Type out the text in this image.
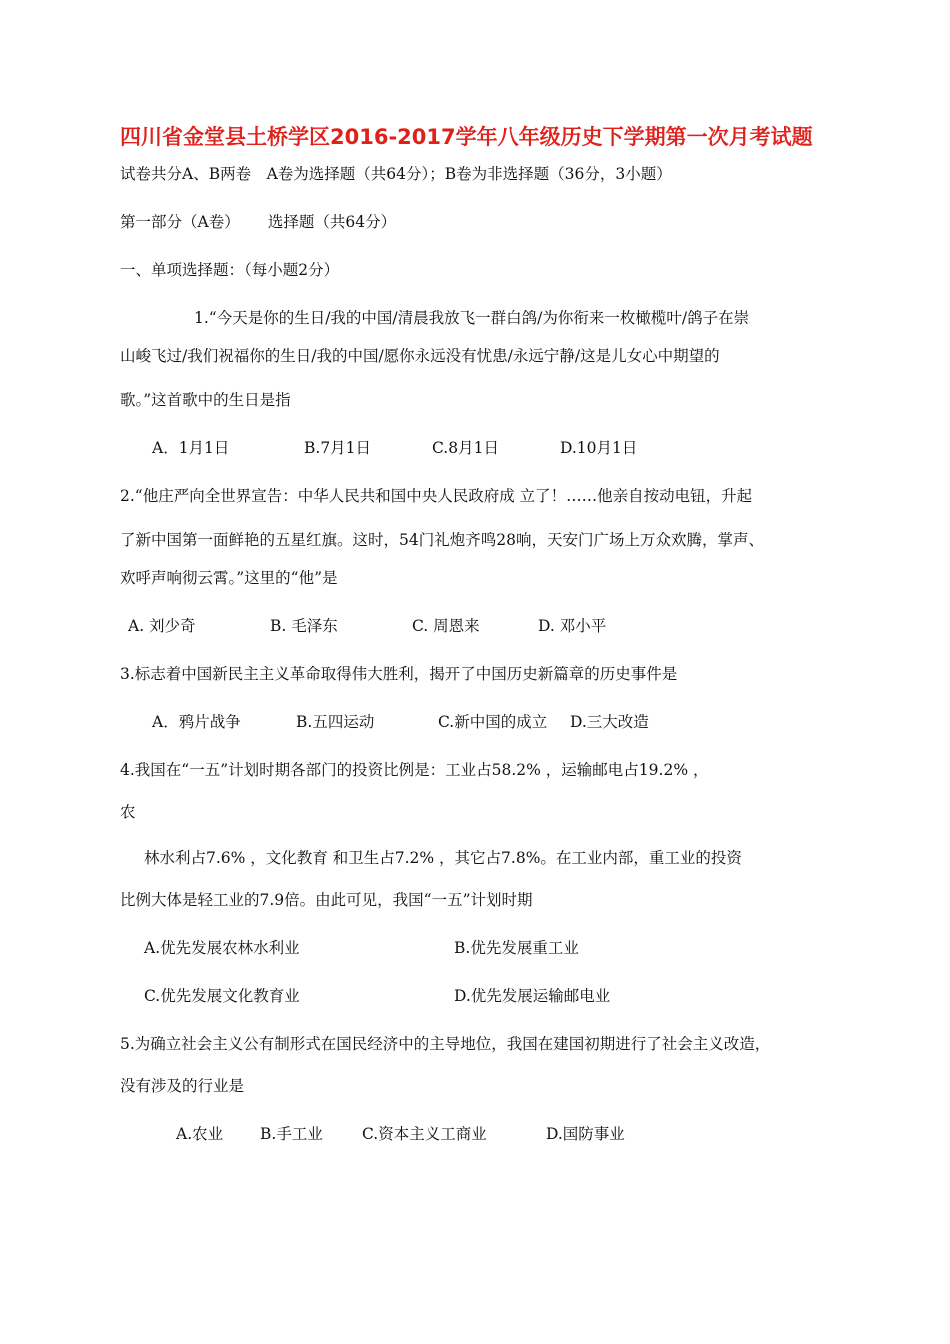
四川省金堂县土桥学区2016-2017学年八年级历史下学期第一次月考试题
试卷共分A、B两卷　A卷为选择题（共64分）；B卷为非选择题（36分，3小题）
第一部分（A卷）　　 选择题（共64分）
一、单项选择题：（每小题2分）
1.“今天是你的生日/我的中国/清晨我放飞一群白鸽/为你衔来一枚橄榄叶/鸽子在崇
山峻飞过/我们祝福你的生日/我的中国/愿你永远没有忧患/永远宁静/这是儿女心中期望的
歌。”这首歌中的生日是指
A．1月1日	B.7月1日	C.8月1日	D.10月1日
2.“他庄严向全世界宣告：中华人民共和国中央人民政府成 立了！……他亲自按动电钮，升起
了新中国第一面鲜艳的五星红旗。这时，54门礼炮齐鸣28响，天安门广场上万众欢腾，掌声、
欢呼声响彻云霄。”这里的“他”是
A. 刘少奇	B. 毛泽东	C. 周恩来	D. 邓小平
3.标志着中国新民主主义革命取得伟大胜利，揭开了中国历史新篇章的历史事件是
A．鸦片战争	B.五四运动	C.新中国的成立 D.三大改造
4.我国在“一五”计划时期各部门的投资比例是：工业占58.2% ，运输邮电占19.2% ，
农
林水利占7.6% ，文化教育 和卫生占7.2% ，其它占7.8%。在工业内部，重工业的投资
比例大体是轻工业的7.9倍。由此可见，我国“一五”计划时期
A.优先发展农林水利业	B.优先发展重工业
C.优先发展文化教育业	D.优先发展运输邮电业
5.为确立社会主义公有制形式在国民经济中的主导地位，我国在建国初期进行了社会主义改造，
没有涉及的行业是
A.农业 B.手工业	C.资本主义工商业	D.国防事业
